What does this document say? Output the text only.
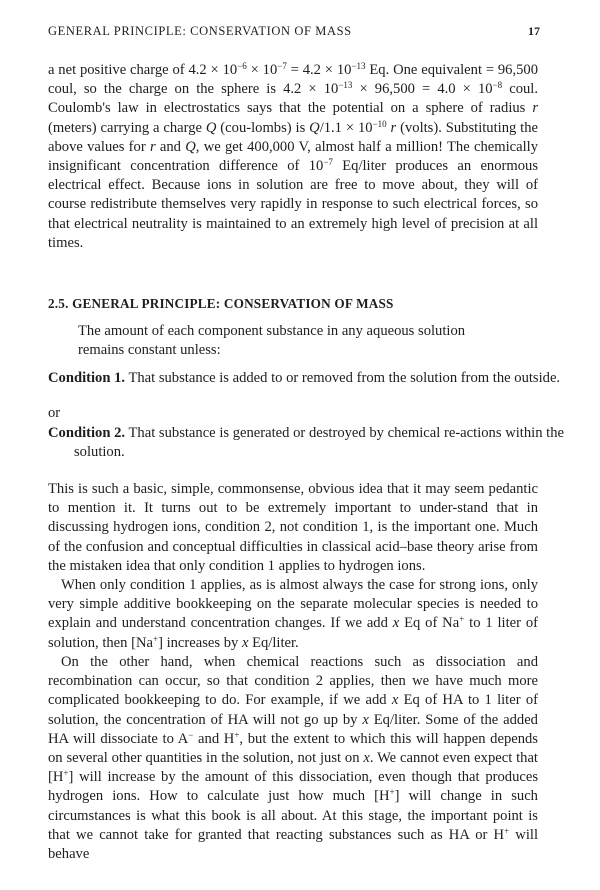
GENERAL PRINCIPLE: CONSERVATION OF MASS	17
a net positive charge of $4.2 \times 10^{-6} \times 10^{-7} = 4.2 \times 10^{-13}$ Eq. One equivalent = 96,500 coul, so the charge on the sphere is $4.2 \times 10^{-13} \times 96,500 = 4.0 \times 10^{-8}$ coul. Coulomb's law in electrostatics says that the potential on a sphere of radius r (meters) carrying a charge Q (cou-lombs) is $Q/1.1 \times 10^{-10}$ r (volts). Substituting the above values for r and Q, we get 400,000 V, almost half a million! The chemically insignificant concentration difference of $10^{-7}$ Eq/liter produces an enormous electrical effect. Because ions in solution are free to move about, they will of course redistribute themselves very rapidly in response to such electrical forces, so that electrical neutrality is maintained to an extremely high level of precision at all times.
2.5. GENERAL PRINCIPLE: CONSERVATION OF MASS
The amount of each component substance in any aqueous solution remains constant unless:
Condition 1. That substance is added to or removed from the solution from the outside.
or
Condition 2. That substance is generated or destroyed by chemical re-actions within the solution.
This is such a basic, simple, commonsense, obvious idea that it may seem pedantic to mention it. It turns out to be extremely important to under-stand that in discussing hydrogen ions, condition 2, not condition 1, is the important one. Much of the confusion and conceptual difficulties in classical acid–base theory arise from the mistaken idea that only condition 1 applies to hydrogen ions.
When only condition 1 applies, as is almost always the case for strong ions, only very simple additive bookkeeping on the separate molecular species is needed to explain and understand concentration changes. If we add x Eq of Na+ to 1 liter of solution, then [Na+] increases by x Eq/liter.
On the other hand, when chemical reactions such as dissociation and recombination can occur, so that condition 2 applies, then we have much more complicated bookkeeping to do. For example, if we add x Eq of HA to 1 liter of solution, the concentration of HA will not go up by x Eq/liter. Some of the added HA will dissociate to A− and H+, but the extent to which this will happen depends on several other quantities in the solution, not just on x. We cannot even expect that [H+] will increase by the amount of this dissociation, even though that produces hydrogen ions. How to calculate just how much [H+] will change in such circumstances is what this book is all about. At this stage, the important point is that we cannot take for granted that reacting substances such as HA or H+ will behave
